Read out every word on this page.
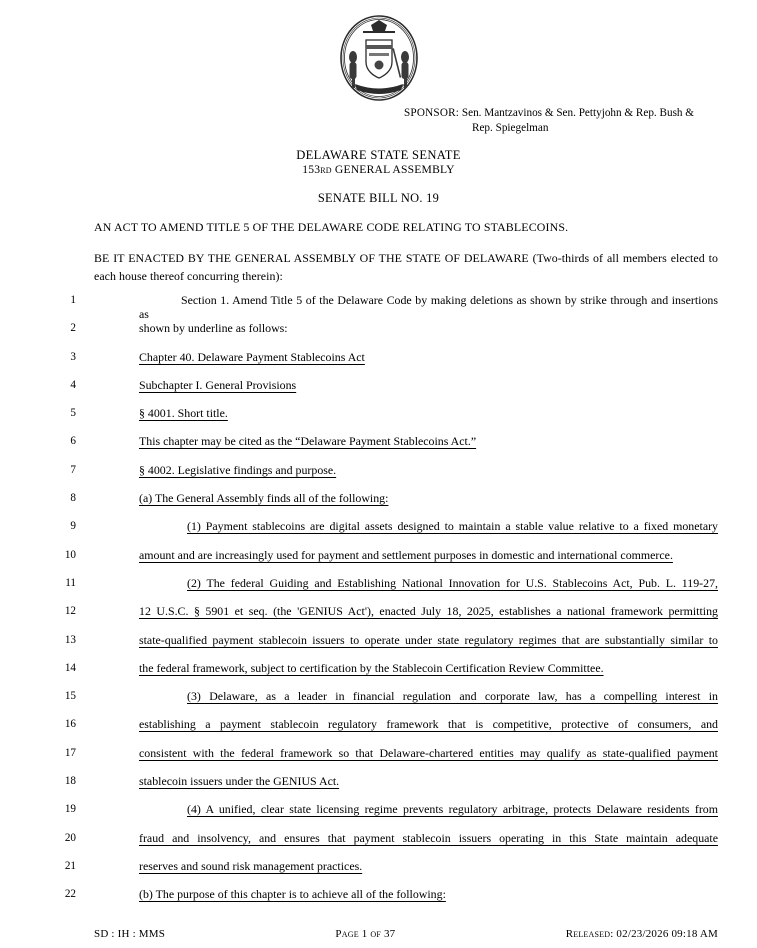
SPONSOR: Sen. Mantzavinos & Sen. Pettyjohn & Rep. Bush &
Rep. Spiegelman
DELAWARE STATE SENATE
153rd GENERAL ASSEMBLY
SENATE BILL NO. 19
AN ACT TO AMEND TITLE 5 OF THE DELAWARE CODE RELATING TO STABLECOINS.
BE IT ENACTED BY THE GENERAL ASSEMBLY OF THE STATE OF DELAWARE (Two-thirds of all members elected to each house thereof concurring therein):
1	Section 1. Amend Title 5 of the Delaware Code by making deletions as shown by strike through and insertions as
2	shown by underline as follows:
3	Chapter 40. Delaware Payment Stablecoins Act
4	Subchapter I. General Provisions
5	§ 4001. Short title.
6	This chapter may be cited as the “Delaware Payment Stablecoins Act.”
7	§ 4002. Legislative findings and purpose.
8	(a) The General Assembly finds all of the following:
9	(1) Payment stablecoins are digital assets designed to maintain a stable value relative to a fixed monetary
10	amount and are increasingly used for payment and settlement purposes in domestic and international commerce.
11	(2) The federal Guiding and Establishing National Innovation for U.S. Stablecoins Act, Pub. L. 119-27,
12	12 U.S.C. § 5901 et seq. (the 'GENIUS Act'), enacted July 18, 2025, establishes a national framework permitting
13	state-qualified payment stablecoin issuers to operate under state regulatory regimes that are substantially similar to
14	the federal framework, subject to certification by the Stablecoin Certification Review Committee.
15	(3) Delaware, as a leader in financial regulation and corporate law, has a compelling interest in
16	establishing a payment stablecoin regulatory framework that is competitive, protective of consumers, and
17	consistent with the federal framework so that Delaware-chartered entities may qualify as state-qualified payment
18	stablecoin issuers under the GENIUS Act.
19	(4) A unified, clear state licensing regime prevents regulatory arbitrage, protects Delaware residents from
20	fraud and insolvency, and ensures that payment stablecoin issuers operating in this State maintain adequate
21	reserves and sound risk management practices.
22	(b) The purpose of this chapter is to achieve all of the following:
SD : IH : MMS	Page 1 of 37	Released: 02/23/2026 09:18 AM
